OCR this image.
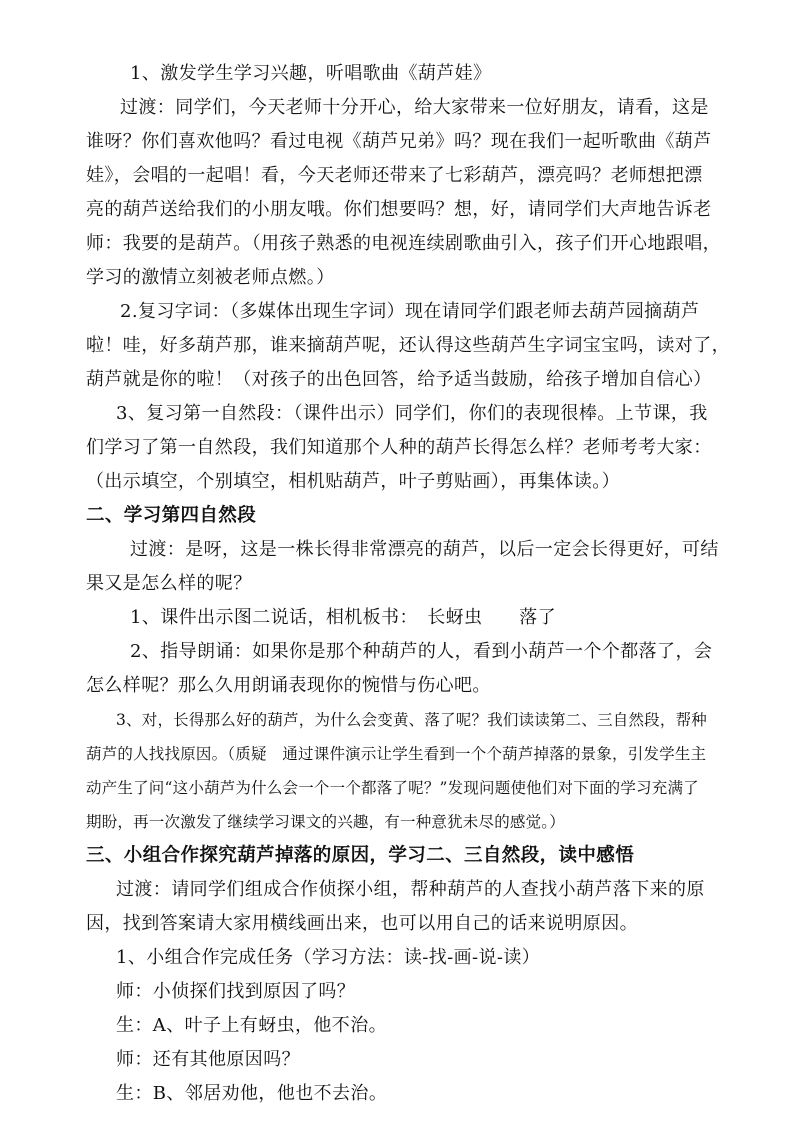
1、激发学生学习兴趣，听唱歌曲《葫芦娃》
过渡：同学们，今天老师十分开心，给大家带来一位好朋友，请看，这是
谁呀？你们喜欢他吗？看过电视《葫芦兄弟》吗？现在我们一起听歌曲《葫芦
娃》，会唱的一起唱！看，今天老师还带来了七彩葫芦，漂亮吗？老师想把漂
亮的葫芦送给我们的小朋友哦。你们想要吗？想，好，请同学们大声地告诉老
师：我要的是葫芦。（用孩子熟悉的电视连续剧歌曲引入，孩子们开心地跟唱，
学习的激情立刻被老师点燃。）
2.复习字词：（多媒体出现生字词）现在请同学们跟老师去葫芦园摘葫芦
啦！哇，好多葫芦那，谁来摘葫芦呢，还认得这些葫芦生字词宝宝吗，读对了，
葫芦就是你的啦！（对孩子的出色回答，给予适当鼓励，给孩子增加自信心）
3、复习第一自然段：（课件出示）同学们，你们的表现很棒。上节课，我
们学习了第一自然段，我们知道那个人种的葫芦长得怎么样？老师考考大家：
（出示填空，个别填空，相机贴葫芦，叶子剪贴画），再集体读。）
二、学习第四自然段
过渡：是呀，这是一株长得非常漂亮的葫芦，以后一定会长得更好，可结
果又是怎么样的呢？
1、课件出示图二说话，相机板书：　长蚜虫　　落了
2、指导朗诵：如果你是那个种葫芦的人，看到小葫芦一个个都落了，会
怎么样呢？那么久用朗诵表现你的惋惜与伤心吧。
3、对，长得那么好的葫芦，为什么会变黄、落了呢？我们读读第二、三自然段，帮种
葫芦的人找找原因。（质疑　通过课件演示让学生看到一个个葫芦掉落的景象，引发学生主
动产生了问“这小葫芦为什么会一个一个都落了呢？”发现问题使他们对下面的学习充满了
期盼，再一次激发了继续学习课文的兴趣，有一种意犹未尽的感觉。）
三、小组合作探究葫芦掉落的原因，学习二、三自然段，读中感悟
过渡：请同学们组成合作侦探小组，帮种葫芦的人查找小葫芦落下来的原
因，找到答案请大家用横线画出来，也可以用自己的话来说明原因。
1、小组合作完成任务（学习方法：读-找-画-说-读）
师：小侦探们找到原因了吗？
生：A、叶子上有蚜虫，他不治。
师：还有其他原因吗？
生：B、邻居劝他，他也不去治。
